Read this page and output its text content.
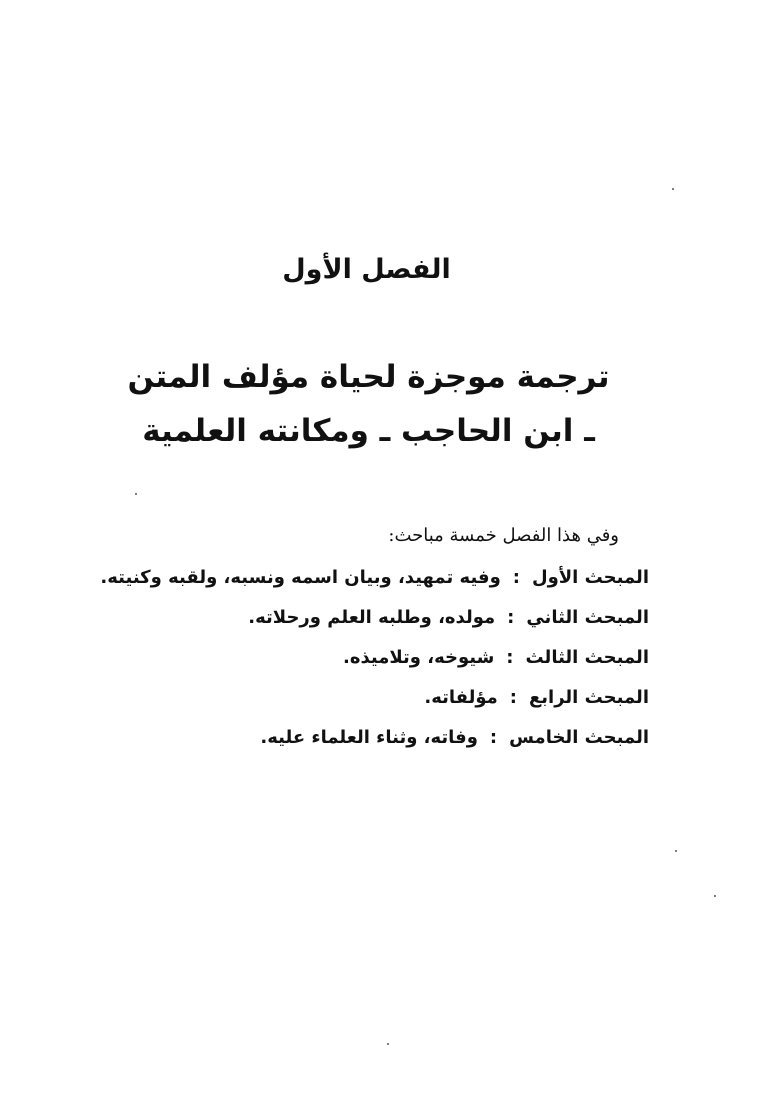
الفصل الأول
ترجمة موجزة لحياة مؤلف المتن
ـ ابن الحاجب ـ ومكانته العلمية
وفي هذا الفصل خمسة مباحث:
المبحث الأول
:
وفيه تمهيد، وبيان اسمه ونسبه، ولقبه وكنيته.
المبحث الثاني
:
مولده، وطلبه العلم ورحلاته.
المبحث الثالث
:
شيوخه، وتلاميذه.
المبحث الرابع
:
مؤلفاته.
المبحث الخامس
:
وفاته، وثناء العلماء عليه.
